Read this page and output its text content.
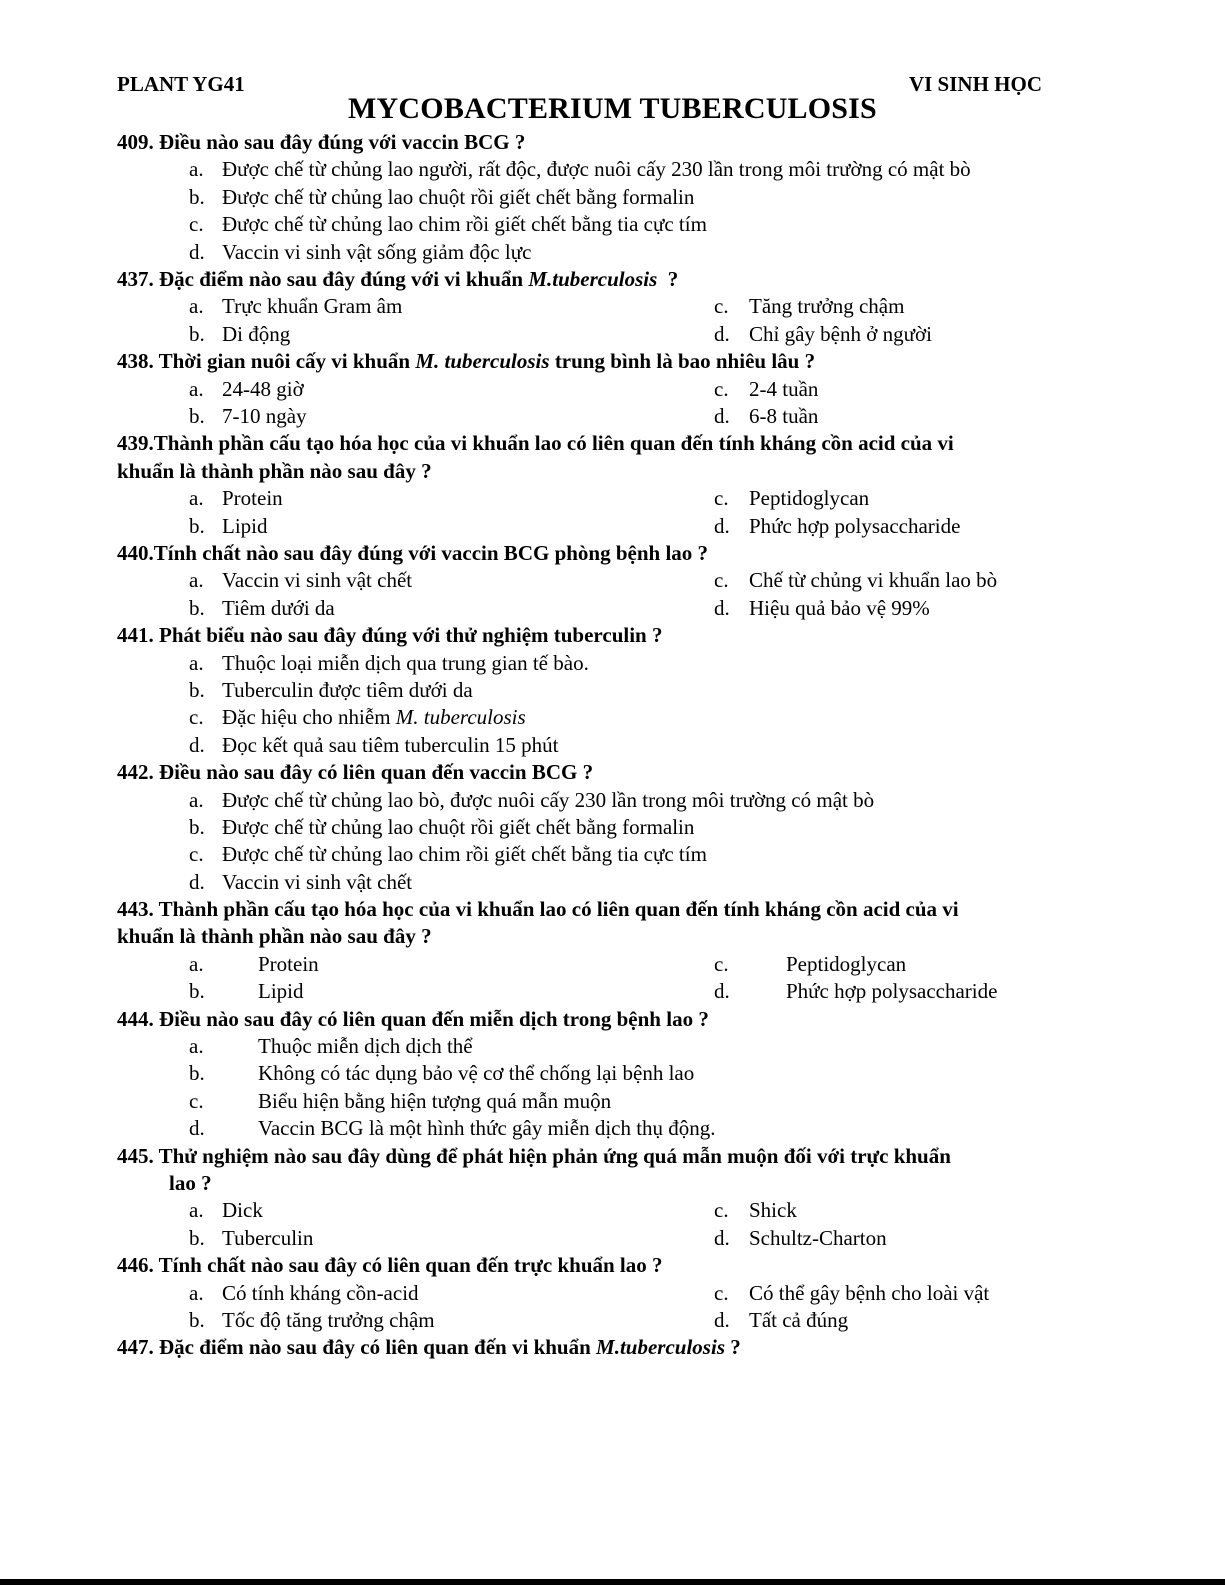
PLANT YG41	VI SINH HỌC
MYCOBACTERIUM TUBERCULOSIS
409. Điều nào sau đây đúng với vaccin BCG ?
a. Được chế từ chủng lao người, rất độc, được nuôi cấy 230 lần trong môi trường có mật bò
b. Được chế từ chủng lao chuột rồi giết chết bằng formalin
c. Được chế từ chủng lao chim rồi giết chết bằng tia cực tím
d. Vaccin vi sinh vật sống giảm độc lực
437. Đặc điểm nào sau đây đúng với vi khuẩn M.tuberculosis  ?
a. Trực khuẩn Gram âm	c. Tăng trưởng chậm
b. Di động	d. Chỉ gây bệnh ở người
438. Thời gian nuôi cấy vi khuẩn M. tuberculosis trung bình là bao nhiêu lâu ?
a. 24-48 giờ	c. 2-4 tuần
b. 7-10 ngày	d. 6-8 tuần
439.Thành phần cấu tạo hóa học của vi khuẩn lao có liên quan đến tính kháng cồn acid của vi
khuẩn là thành phần nào sau đây ?
a. Protein	c. Peptidoglycan
b. Lipid	d. Phức hợp polysaccharide
440.Tính chất nào sau đây đúng với vaccin BCG phòng bệnh lao ?
a. Vaccin vi sinh vật chết	c. Chế từ chủng vi khuẩn lao bò
b. Tiêm dưới da	d. Hiệu quả bảo vệ 99%
441. Phát biểu nào sau đây đúng với thử nghiệm tuberculin ?
a. Thuộc loại miễn dịch qua trung gian tế bào.
b. Tuberculin được tiêm dưới da
c. Đặc hiệu cho nhiễm M. tuberculosis
d. Đọc kết quả sau tiêm tuberculin 15 phút
442. Điều nào sau đây có liên quan đến vaccin BCG ?
a. Được chế từ chủng lao bò, được nuôi cấy 230 lần trong môi trường có mật bò
b. Được chế từ chủng lao chuột rồi giết chết bằng formalin
c. Được chế từ chủng lao chim rồi giết chết bằng tia cực tím
d. Vaccin vi sinh vật chết
443. Thành phần cấu tạo hóa học của vi khuẩn lao có liên quan đến tính kháng cồn acid của vi
khuẩn là thành phần nào sau đây ?
a.	Protein	c.	Peptidoglycan
b.	Lipid	d.	Phức hợp polysaccharide
444. Điều nào sau đây có liên quan đến miễn dịch trong bệnh lao ?
a.	Thuộc miễn dịch dịch thể
b.	Không có tác dụng bảo vệ cơ thể chống lại bệnh lao
c.	Biểu hiện bằng hiện tượng quá mẫn muộn
d.	Vaccin BCG là một hình thức gây miễn dịch thụ động.
445. Thử nghiệm nào sau đây dùng để phát hiện phản ứng quá mẫn muộn đối với trực khuẩn
lao ?
a. Dick	c. Shick
b. Tuberculin	d. Schultz-Charton
446. Tính chất nào sau đây có liên quan đến trực khuẩn lao ?
a. Có tính kháng cồn-acid	c. Có thể gây bệnh cho loài vật
b. Tốc độ tăng trưởng chậm	d. Tất cả đúng
447. Đặc điểm nào sau đây có liên quan đến vi khuẩn M.tuberculosis ?
